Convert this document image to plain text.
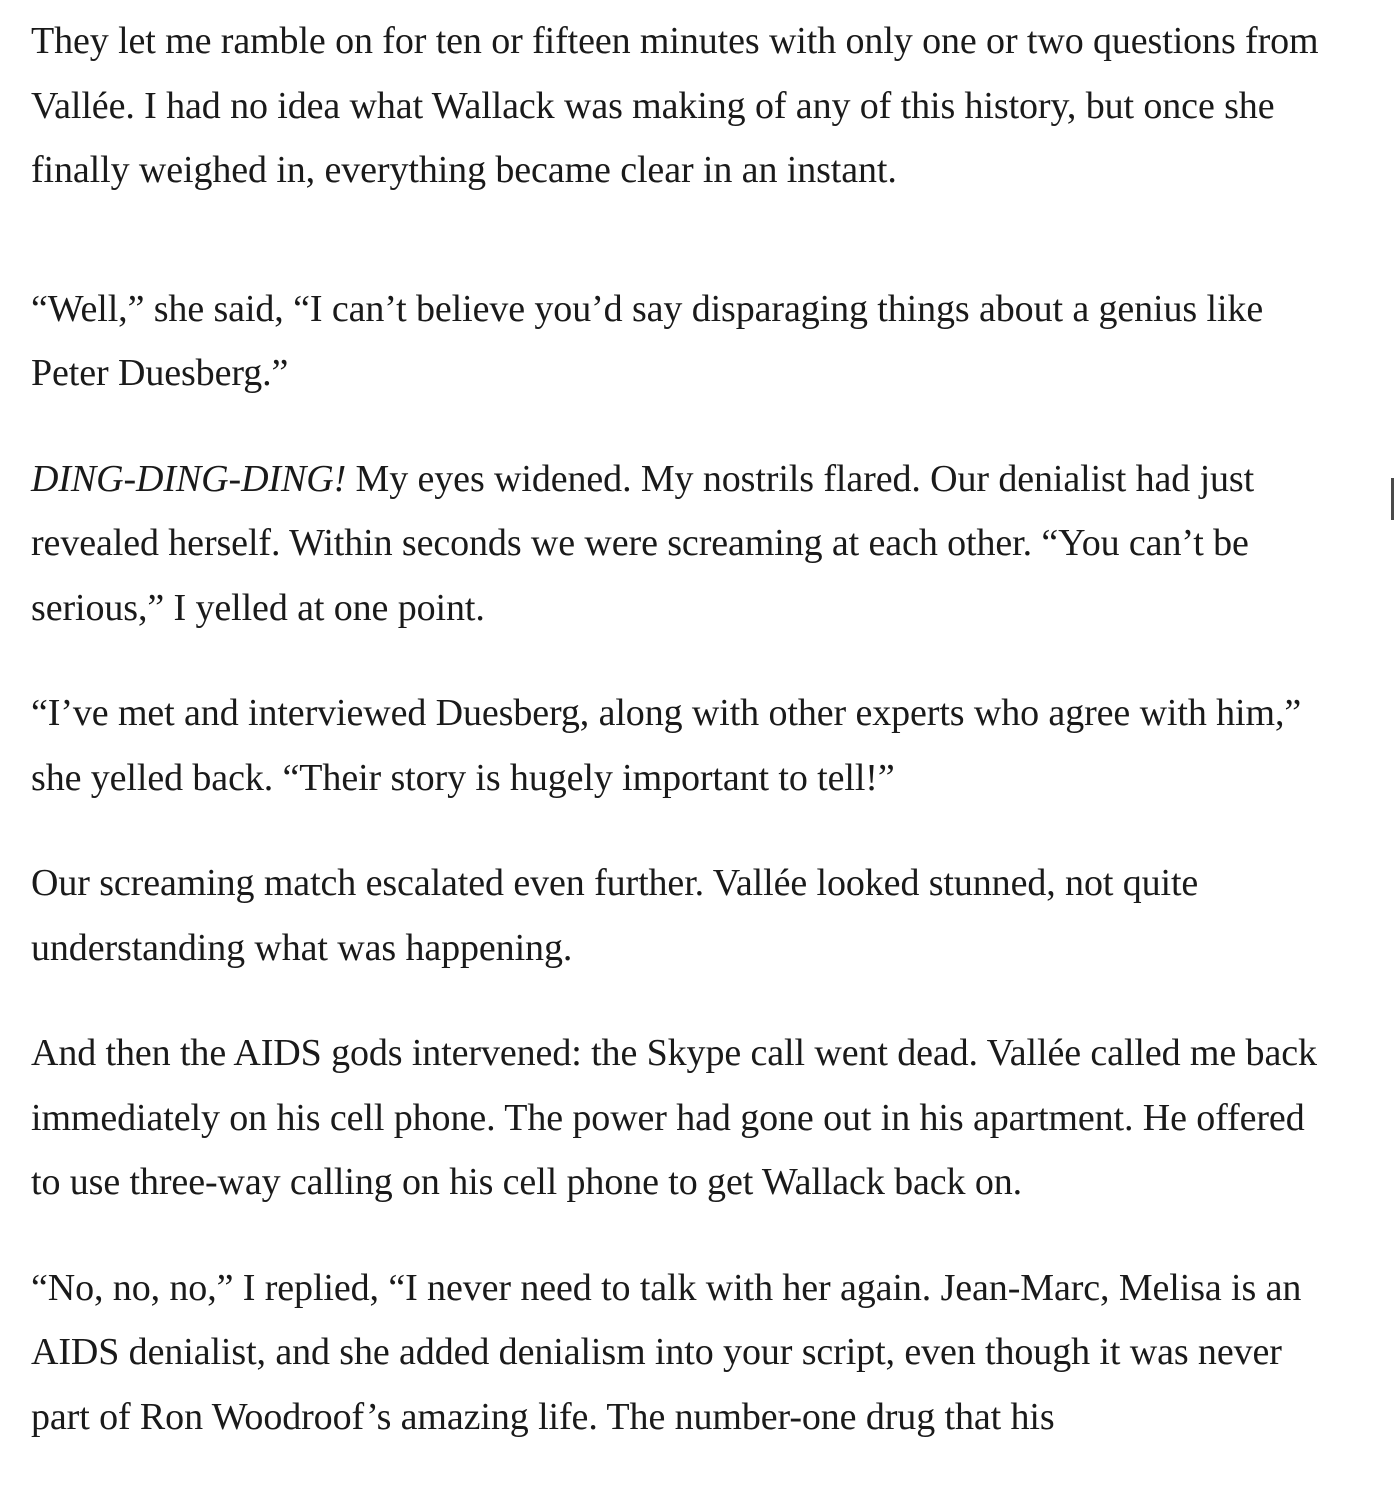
They let me ramble on for ten or fifteen minutes with only one or two questions from Vallée. I had no idea what Wallack was making of any of this history, but once she finally weighed in, everything became clear in an instant.

“Well,” she said, “I can’t believe you’d say disparaging things about a genius like Peter Duesberg.”

DING-DING-DING! My eyes widened. My nostrils flared. Our denialist had just revealed herself. Within seconds we were screaming at each other. “You can’t be serious,” I yelled at one point.

“I’ve met and interviewed Duesberg, along with other experts who agree with him,” she yelled back. “Their story is hugely important to tell!”

Our screaming match escalated even further. Vallée looked stunned, not quite understanding what was happening.

And then the AIDS gods intervened: the Skype call went dead. Vallée called me back immediately on his cell phone. The power had gone out in his apartment. He offered to use three-way calling on his cell phone to get Wallack back on.

“No, no, no,” I replied, “I never need to talk with her again. Jean-Marc, Melisa is an AIDS denialist, and she added denialism into your script, even though it was never part of Ron Woodroof’s amazing life. The number-one drug that his
